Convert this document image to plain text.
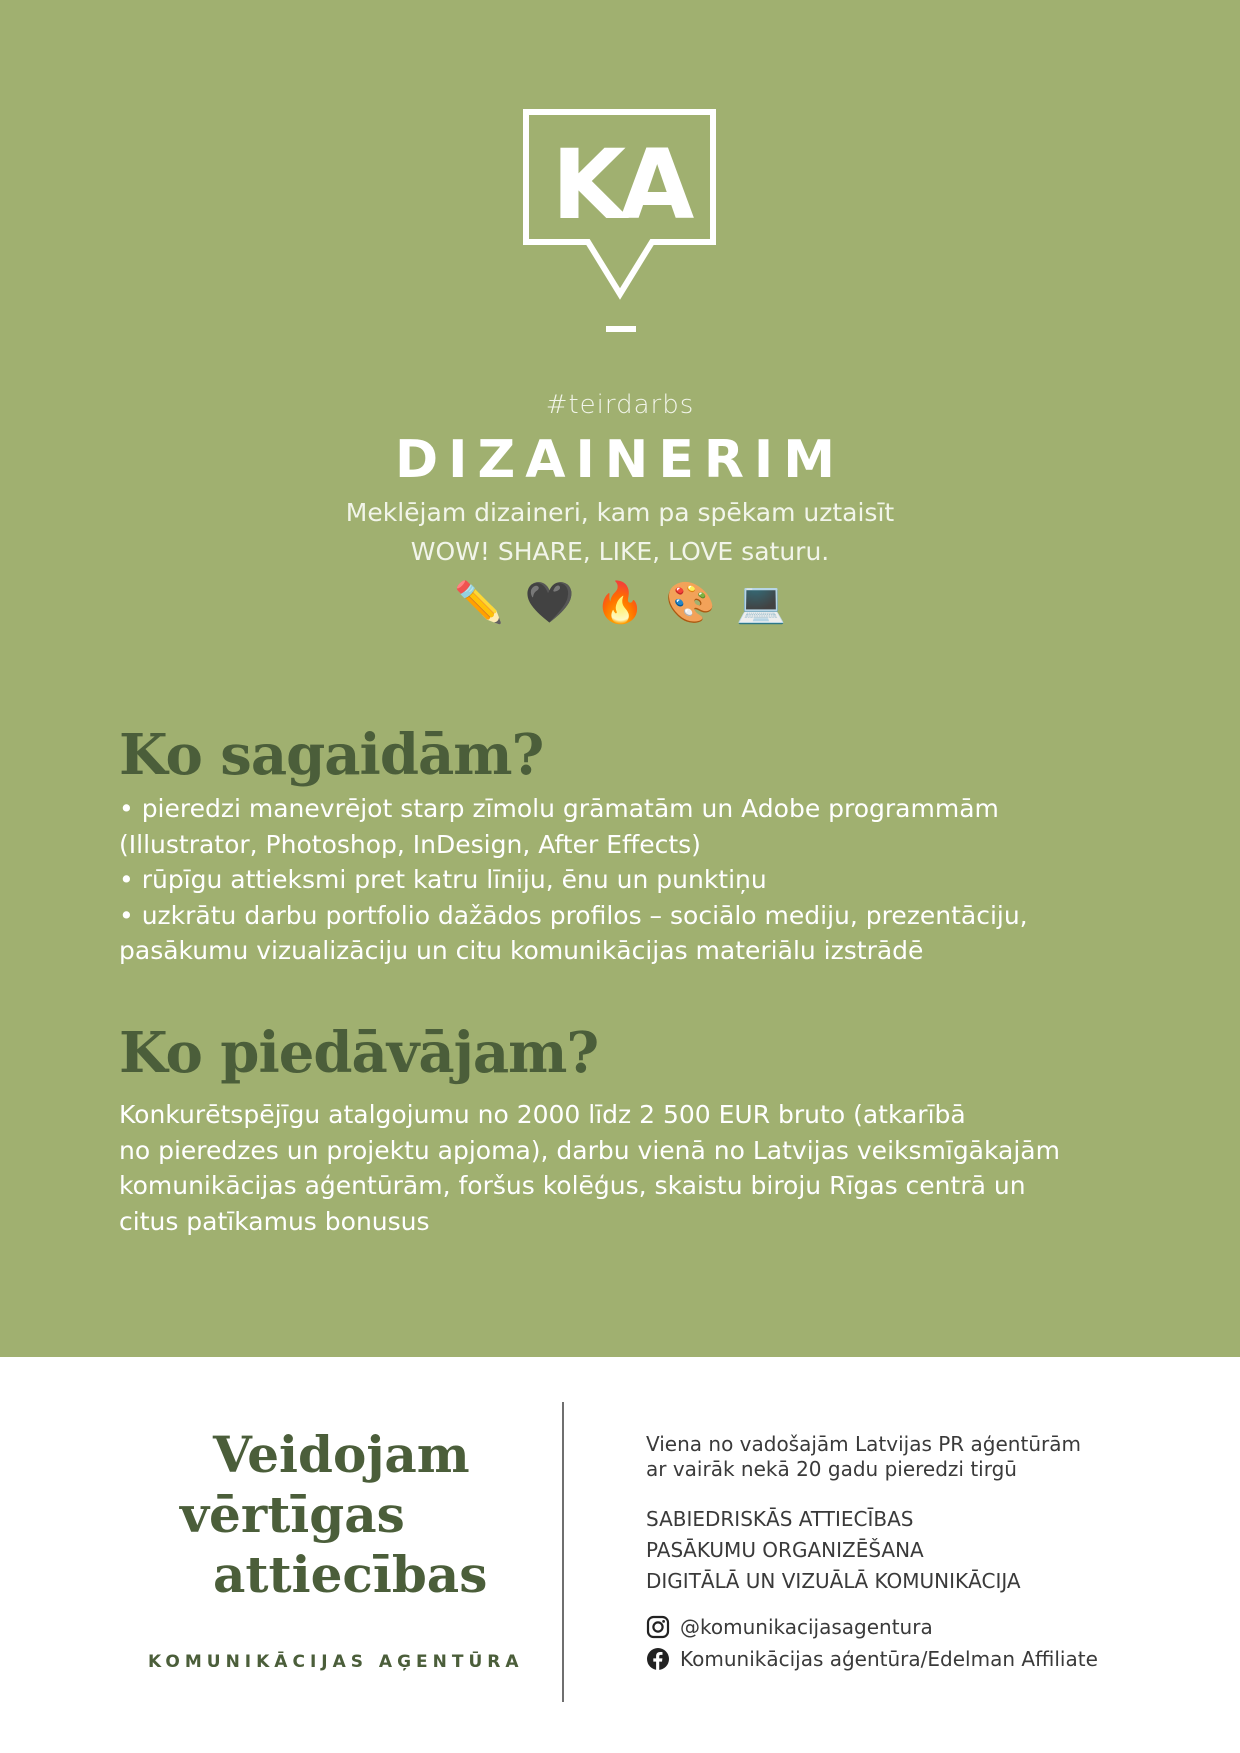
KA
#teirdarbs
DIZAINERIM
Meklējam dizaineri, kam pa spēkam uztaisīt
WOW! SHARE, LIKE, LOVE saturu.
✏️ 🖤 🔥 🎨 💻
Ko sagaidām?
• pieredzi manevrējot starp zīmolu grāmatām un Adobe programmām
(Illustrator, Photoshop, InDesign, After Effects)
• rūpīgu attieksmi pret katru līniju, ēnu un punktiņu
• uzkrātu darbu portfolio dažādos profilos – sociālo mediju, prezentāciju,
pasākumu vizualizāciju un citu komunikācijas materiālu izstrādē
Ko piedāvājam?
Konkurētspējīgu atalgojumu no 2000 līdz 2 500 EUR bruto (atkarībā
no pieredzes un projektu apjoma), darbu vienā no Latvijas veiksmīgākajām
komunikācijas aģentūrām, foršus kolēģus, skaistu biroju Rīgas centrā un
citus patīkamus bonusus
Veidojam
vērtīgas
attiecības
KOMUNIKĀCIJAS AĢENTŪRA
Viena no vadošajām Latvijas PR aģentūrām
ar vairāk nekā 20 gadu pieredzi tirgū
SABIEDRISKĀS ATTIECĪBAS
PASĀKUMU ORGANIZĒŠANA
DIGITĀLĀ UN VIZUĀLĀ KOMUNIKĀCIJA
@komunikacijasagentura
Komunikācijas aģentūra/Edelman Affiliate
